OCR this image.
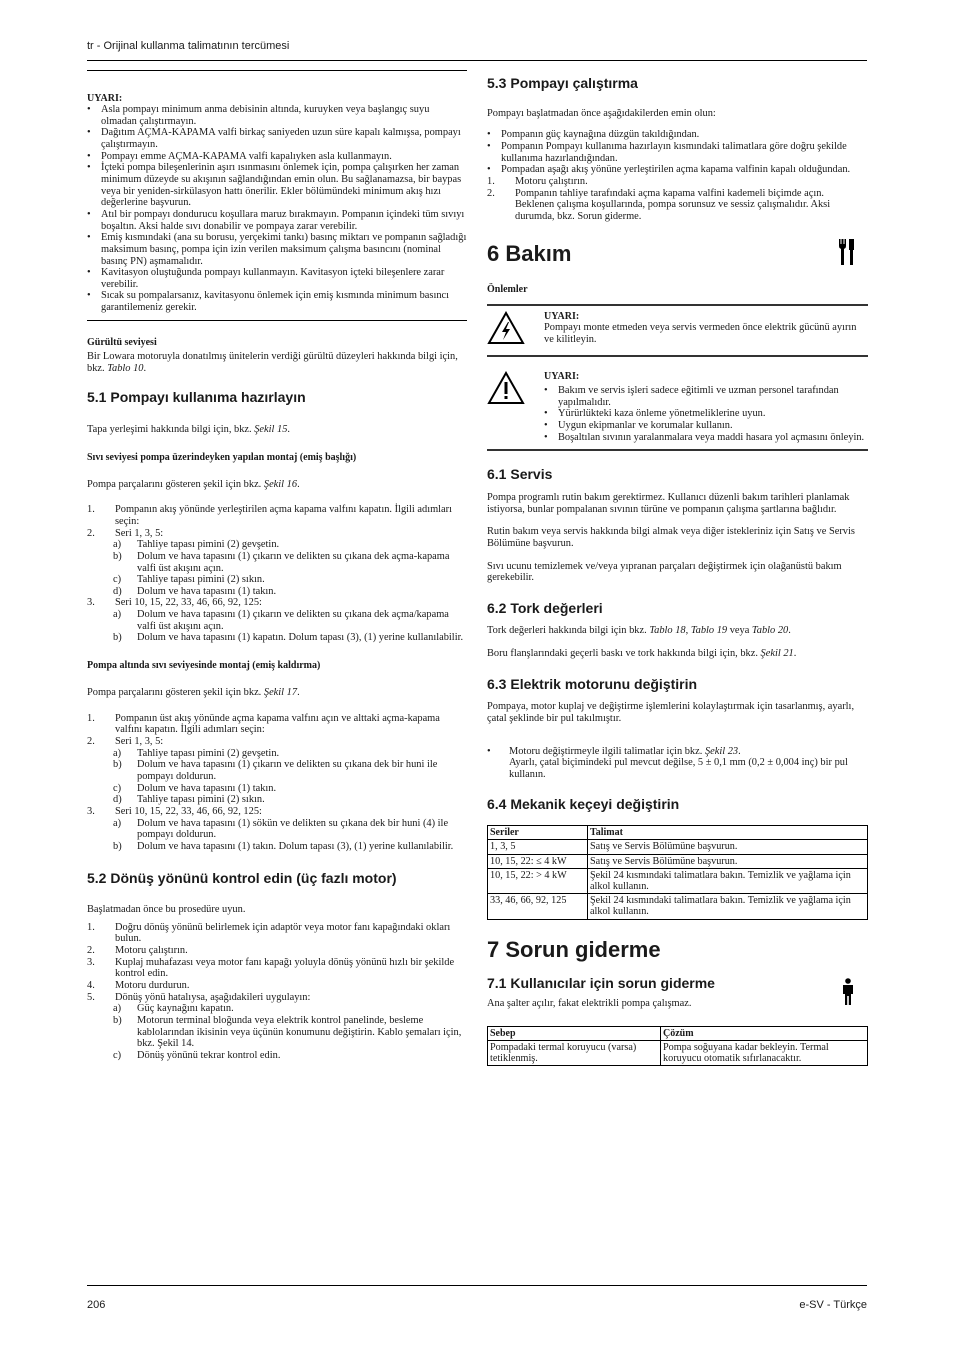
tr - Orijinal kullanma talimatının tercümesi

UYARI:

• Asla pompayı minimum anma debisinin altında, kuruyken veya başlangıç suyu olmadan çalıştırmayın.
• Dağıtım AÇMA-KAPAMA valfi birkaç saniyeden uzun süre kapalı kalmışsa, pompayı çalıştırmayın.
• Pompayı emme AÇMA-KAPAMA valfi kapalıyken asla kullanmayın.
• İçteki pompa bileşenlerinin aşırı ısınmasını önlemek için, pompa çalışırken her zaman minimum düzeyde su akışının sağlandığından emin olun. Bu sağlanamazsa, bir baypas veya bir yeniden-sirkülasyon hattı önerilir. Ekler bölümündeki minimum akış hızı değerlerine başvurun.
• Atıl bir pompayı dondurucu koşullara maruz bırakmayın. Pompanın içindeki tüm sıvıyı boşaltın. Aksi halde sıvı donabilir ve pompaya zarar verebilir.
• Emiş kısmındaki (ana su borusu, yerçekimi tankı) basınç miktarı ve pompanın sağladığı maksimum basınç, pompa için izin verilen maksimum çalışma basıncını (nominal basınç PN) aşmamalıdır.
• Kavitasyon oluştuğunda pompayı kullanmayın. Kavitasyon içteki bileşenlere zarar verebilir.
• Sıcak su pompalarsanız, kavitasyonu önlemek için emiş kısmında minimum basıncı garantilemeniz gerekir.

Gürültü seviyesi

Bir Lowara motoruyla donatılmış ünitelerin verdiği gürültü düzeyleri hakkında bilgi için, bkz. Tablo 10.

5.1 Pompayı kullanıma hazırlayın

Tapa yerleşimi hakkında bilgi için, bkz. Şekil 15.

Sıvı seviyesi pompa üzerindeyken yapılan montaj (emiş başlığı)

Pompa parçalarını gösteren şekil için bkz. Şekil 16.

1.	Pompanın akış yönünde yerleştirilen açma kapama valfını kapatın. İlgili adımları seçin:
2.	Seri 1, 3, 5:
a)	Tahliye tapası pimini (2) gevşetin.
b)	Dolum ve hava tapasını (1) çıkarın ve delikten su çıkana dek açma-kapama valfi üst akışını açın.
c)	Tahliye tapası pimini (2) sıkın.
d)	Dolum ve hava tapasını (1) takın.
3.	Seri 10, 15, 22, 33, 46, 66, 92, 125:
a)	Dolum ve hava tapasını (1) çıkarın ve delikten su çıkana dek açma/kapama valfi üst akışını açın.
b)	Dolum ve hava tapasını (1) kapatın. Dolum tapası (3), (1) yerine kullanılabilir.

Pompa altında sıvı seviyesinde montaj (emiş kaldırma)

Pompa parçalarını gösteren şekil için bkz. Şekil 17.

1.	Pompanın üst akış yönünde açma kapama valfını açın ve alttaki açma-kapama valfını kapatın. İlgili adımları seçin:
2.	Seri 1, 3, 5:
a)	Tahliye tapası pimini (2) gevşetin.
b)	Dolum ve hava tapasını (1) çıkarın ve delikten su çıkana dek bir huni ile pompayı doldurun.
c)	Dolum ve hava tapasını (1) takın.
d)	Tahliye tapası pimini (2) sıkın.
3.	Seri 10, 15, 22, 33, 46, 66, 92, 125:
a)	Dolum ve hava tapasını (1) sökün ve delikten su çıkana dek bir huni (4) ile pompayı doldurun.
b)	Dolum ve hava tapasını (1) takın. Dolum tapası (3), (1) yerine kullanılabilir.
5.2 Dönüş yönünü kontrol edin (üç fazlı motor)

Başlatmadan önce bu prosedüre uyun.

1.	Doğru dönüş yönünü belirlemek için adaptör veya motor fanı kapağındaki okları bulun.
2.	Motoru çalıştırın.
3.	Kuplaj muhafazası veya motor fanı kapağı yoluyla dönüş yönünü hızlı bir şekilde kontrol edin.
4.	Motoru durdurun.
5.	Dönüş yönü hatalıysa, aşağıdakileri uygulayın:
a)	Güç kaynağını kapatın.
b)	Motorun terminal bloğunda veya elektrik kontrol panelinde, besleme kablolarından ikisinin veya üçünün konumunu değiştirin. Kablo şemaları için, bkz. Şekil 14.
c)	Dönüş yönünü tekrar kontrol edin.
5.3 Pompayı çalıştırma

Pompayı başlatmadan önce aşağıdakilerden emin olun:

• Pompanın güç kaynağına düzgün takıldığından.
• Pompanın Pompayı kullanıma hazırlayın kısmındaki talimatlara göre doğru şekilde kullanıma hazırlandığından.
• Pompadan aşağı akış yönüne yerleştirilen açma kapama valfinin kapalı olduğundan.
1.	Motoru çalıştırın.
2.	Pompanın tahliye tarafındaki açma kapama valfini kademeli biçimde açın.

Beklenen çalışma koşullarında, pompa sorunsuz ve sessiz çalışmalıdır. Aksi durumda, bkz. Sorun giderme.

6 Bakım

Önlemler

UYARI:

Pompayı monte etmeden veya servis vermeden önce elektrik gücünü ayırın ve kilitleyin.

UYARI:

• Bakım ve servis işleri sadece eğitimli ve uzman personel tarafından yapılmalıdır.
• Yürürlükteki kaza önleme yönetmeliklerine uyun.
• Uygun ekipmanlar ve korumalar kullanın.
• Boşaltılan sıvının yaralanmalara veya maddi hasara yol açmasını önleyin.
6.1 Servis

Pompa programlı rutin bakım gerektirmez. Kullanıcı düzenli bakım tarihleri planlamak istiyorsa, bunlar pompalanan sıvının türüne ve pompanın çalışma şartlarına bağlıdır.

Rutin bakım veya servis hakkında bilgi almak veya diğer istekleriniz için Satış ve Servis Bölümüne başvurun.

Sıvı ucunu temizlemek ve/veya yıpranan parçaları değiştirmek için olağanüstü bakım gerekebilir.

6.2 Tork değerleri

Tork değerleri hakkında bilgi için bkz. Tablo 18, Tablo 19 veya Tablo 20.

Boru flanşlarındaki geçerli baskı ve tork hakkında bilgi için, bkz. Şekil 21.

6.3 Elektrik motorunu değiştirin

Pompaya, motor kuplaj ve değiştirme işlemlerini kolaylaştırmak için tasarlanmış, ayarlı, çatal şeklinde bir pul takılmıştır.

• Motoru değiştirmeyle ilgili talimatlar için bkz. Şekil 23.
Ayarlı, çatal biçimindeki pul mevcut değilse, 5 ± 0,1 mm (0,2 ± 0,004 inç) bir pul kullanın.
6.4 Mekanik keçeyi değiştirin
Seriler	Talimat
1, 3, 5	Satış ve Servis Bölümüne başvurun.
10, 15, 22: ≤ 4 kW	Satış ve Servis Bölümüne başvurun.
10, 15, 22: > 4 kW	Şekil 24 kısmındaki talimatlara bakın. Temizlik ve yağlama için alkol kullanın.
33, 46, 66, 92, 125	Şekil 24 kısmındaki talimatlara bakın. Temizlik ve yağlama için alkol kullanın.
7 Sorun giderme
7.1 Kullanıcılar için sorun giderme

Ana şalter açılır, fakat elektrikli pompa çalışmaz.

Sebep	Çözüm
Pompadaki termal koruyucu (varsa) tetiklenmiş.	Pompa soğuyana kadar bekleyin. Termal koruyucu otomatik sıfırlanacaktır.
206	e-SV - Türkçe
